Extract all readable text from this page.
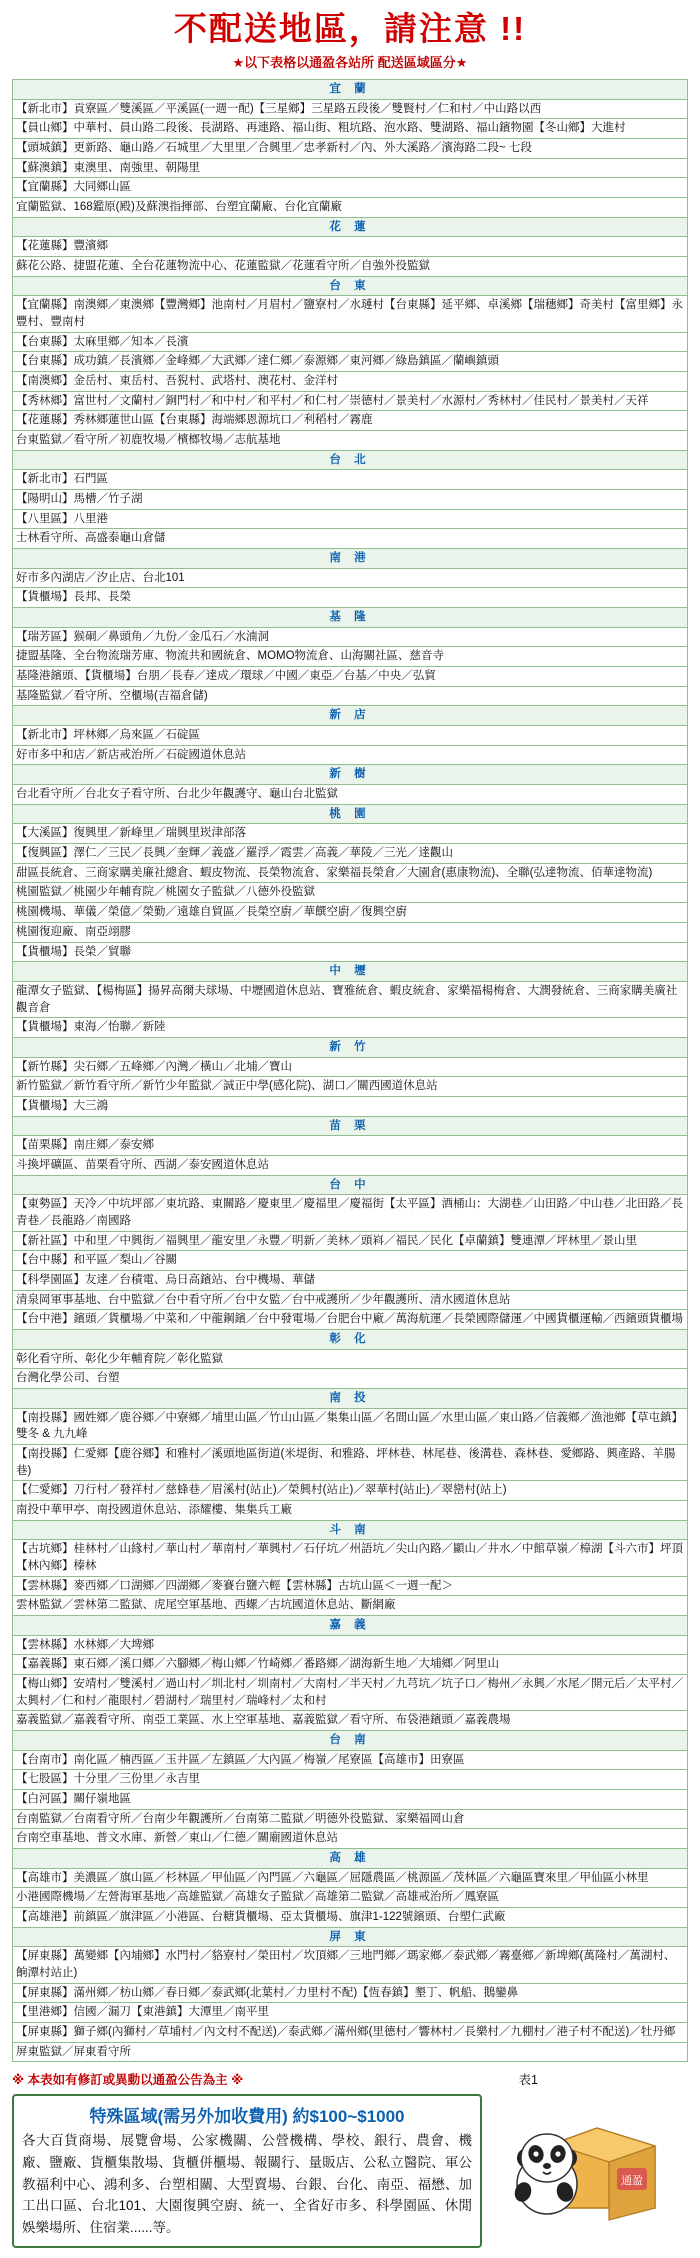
不配送地區，請注意 !!
★以下表格以通盈各站所 配送區域區分★
宜 蘭
【新北市】貢寮區／雙溪區／平溪區(一週一配)【三星鄉】三星路五段後／雙賢村／仁和村／中山路以西
【員山鄉】中華村、員山路二段後、長湖路、再連路、福山街、粗坑路、泡水路、雙湖路、福山鑌物園【冬山鄉】大進村
【頭城鎮】更新路、龜山路／石城里／大里里／合興里／忠孝新村／內、外大溪路／濱海路二段~ 七段
【蘇澳鎮】東澳里、南強里、朝陽里
【宜蘭縣】大同鄉山區
宜蘭監獄、168鑑原(殿)及蘇澳指揮部、台塑宜蘭廠、台化宜蘭廠
花 蓮
【花蓮縣】豐濱鄉
蘇花公路、捷盟花蓮、全台花蓮物流中心、花蓮監獄／花蓮看守所／自強外役監獄
台 東
【宜蘭縣】南澳鄉／東澳鄉【豐灣鄉】池南村／月眉村／鹽寮村／水璉村【台東縣】延平鄉、卓溪鄉【瑞穗鄉】奇美村【富里鄉】永豐村、豐南村
【台東縣】太麻里鄉／知本／長濱
【台東縣】成功鎮／長濱鄉／金峰鄉／大武鄉／達仁鄉／泰源鄉／東河鄉／綠島鎮區／蘭嶼鎮頭
【南澳鄉】金岳村、東岳村、吾猊村、武塔村、澳花村、金洋村
【秀林鄉】富世村／文蘭村／銅門村／和中村／和平村／和仁村／崇德村／景美村／水源村／秀林村／佳民村／景美村／天祥
【花蓮縣】秀林鄉蓮世山區【台東縣】海端鄉恩源坑口／利稻村／霧鹿
台東監獄／看守所／初鹿牧場／檳榔牧場／志航基地
台 北
【新北市】石門區
【陽明山】馬槽／竹子湖
【八里區】八里港
士林看守所、高盛泰龜山倉儲
南 港
好市多內湖店／汐止店、台北101
【貨櫃場】長邦、長榮
基 隆
【瑞芳區】猴硐／鼻頭角／九份／金瓜石／水湳洞
捷盟基隆、全台物流瑞芳庫、物流共和國統倉、MOMO物流倉、山海關社區、慈音寺
基隆港鑌頭、【貨櫃場】台朋／長春／達成／環球／中國／東亞／台基／中央／弘貿
基隆監獄／看守所、空櫃場(吉福倉儲)
新 店
【新北市】坪林鄉／烏來區／石碇區
好市多中和店／新店戒治所／石碇國道休息站
新 樹
台北看守所／台北女子看守所、台北少年觀護守、龜山台北監獄
桃 園
【大溪區】復興里／新峰里／瑞興里崁津部落
【復興區】澤仁／三民／長興／奎輝／義盛／羅浮／霞雲／高義／華陵／三光／達觀山
甜區長統倉、三商家購美廉社總倉、蝦皮物流、長榮物流倉、家樂福長榮倉／大園倉(惠康物流)、全聯(弘達物流、佰華達物流)
桃園監獄／桃園少年輔育院／桃園女子監獄／八德外役監獄
桃園機場、華儀／榮億／榮勤／遠雄自貿區／長榮空廚／華饌空廚／復興空廚
桃園復迎廠、南亞翊膠
【貨櫃場】長榮／貿聯
中 壢
龍潭女子監獄、【楊梅區】揚昇高爾夫球場、中壢國道休息站、寶雅統倉、蝦皮統倉、家樂福楊梅倉、大潤發統倉、三商家購美廣社觀音倉
【貨櫃場】東海／怡聯／新陸
新 竹
【新竹縣】尖石鄉／五峰鄉／內灣／橫山／北埔／寶山
新竹監獄／新竹看守所／新竹少年監獄／誠正中學(感化院)、湖口／關西國道休息站
【貨櫃場】大三鴻
苗 栗
【苗栗縣】南庄鄉／泰安鄉
斗換坪礦區、苗栗看守所、西湖／泰安國道休息站
台 中
【東勢區】天冷／中坑坪部／東坑路、東關路／慶東里／慶福里／慶福街【太平區】酒桶山：大湖巷／山田路／中山巷／北田路／長青巷／長龍路／南國路
【新社區】中和里／中興街／福興里／龍安里／永豐／明新／美林／頭嵙／福民／民化【卓蘭鎮】雙連潭／坪林里／景山里
【台中縣】和平區／梨山／谷關
【科學園區】友達／台積電、烏日高鑌站、台中機場、華儲
清泉岡軍事基地、台中監獄／台中看守所／台中女監／台中戒護所／少年觀護所、清水國道休息站
【台中港】鑌頭／貨櫃場／中菜和／中龍鋼鑌／台中發電場／台肥台中廠／萬海航運／長榮國際儲運／中國貨櫃運輸／西鑌頭貨櫃場
彰 化
彰化看守所、彰化少年輔育院／彰化監獄
台灣化學公司、台塑
南 投
【南投縣】國姓鄉／鹿谷鄉／中寮鄉／埔里山區／竹山山區／集集山區／名間山區／水里山區／東山路／信義鄉／漁池鄉【草屯鎮】雙冬 & 九九峰
【南投縣】仁愛鄉【鹿谷鄉】和雅村／溪頭地區街道(米堤街、和雅路、坪林巷、林尾巷、後溝巷、森林巷、愛鄉路、興產路、羊腸巷)
【仁愛鄉】刀行村／發祥村／慈蜂巷／眉溪村(站止)／榮興村(站止)／翠華村(站止)／翠巒村(站上)
南投中華甲亭、南投國道休息站、添耀樓、集集兵工廠
斗 南
【古坑鄉】桂林村／山緣村／華山村／華南村／華興村／石仔坑／州語坑／尖山內路／顯山／井水／中館草嶺／樟湖【斗六市】坪頂【林內鄉】榛林
【雲林縣】麥西鄉／口湖鄉／四湖鄉／麥賽台鹽六輕【雲林縣】古坑山區＜一週一配＞
雲林監獄／雲林第二監獄、虎尾空軍基地、西螺／古坑國道休息站、斷網廠
嘉 義
【雲林縣】水林鄉／大埤鄉
【嘉義縣】東石鄉／溪口鄉／六腳鄉／梅山鄉／竹崎鄉／番路鄉／湖海新生地／大埔鄉／阿里山
【梅山鄉】安靖村／雙溪村／過山村／圳北村／圳南村／大南村／半天村／九芎坑／坑子口／梅州／永興／水尾／開元后／太平村／太興村／仁和村／龍眼村／碧湖村／瑞里村／瑞峰村／太和村
嘉義監獄／嘉義看守所、南亞工業區、水上空軍基地、嘉義監獄／看守所、布袋港鑌頭／嘉義農場
台 南
【台南市】南化區／楠西區／玉井區／左鎮區／大內區／梅嶺／尾寮區【高雄市】田寮區
【七股區】十分里／三份里／永吉里
【白河區】關仔嶺地區
台南監獄／台南看守所／台南少年觀護所／台南第二監獄／明德外役監獄、家樂福岡山倉
台南空車基地、普文水庫、新營／東山／仁德／關廟國道休息站
高 雄
【高雄市】美濃區／旗山區／杉林區／甲仙區／內門區／六龜區／屈隱農區／桃源區／茂林區／六龜區寶來里／甲仙區小林里
小港國際機場／左營海軍基地／高雄監獄／高雄女子監獄／高雄第二監獄／高雄戒治所／鳳寮區
【高雄港】前鎮區／旗津區／小港區、台糖貨櫃場、亞太貨櫃場、旗津1-122號鑌頭、台塑仁武廠
屏 東
【屏東縣】萬變鄉【內埔鄉】水門村／貉寮村／榮田村／坎頂鄉／三地門鄉／瑪家鄉／泰武鄉／霧臺鄉／新埤鄉(萬隆村／萬湖村、餉潭村站止)
【屏東縣】滿州鄉／枋山鄉／春日鄉／泰武鄉(北葉村／力里村不配)【恆春鎮】墾丁、帆船、鵝鑾鼻
【里港鄉】信國／漏刀【東港鎮】大潭里／南平里
【屏東縣】獅子鄉(內獅村／草埔村／內文村不配送)／泰武鄉／滿州鄉(里德村／響林村／長樂村／九棚村／港子村不配送)／牡丹鄉
屏東監獄／屏東看守所
※ 本表如有修訂或異動以通盈公告為主 ※	表1
特殊區域(需另外加收費用) 約$100~$1000
各大百貨商場、展覽會場、公家機關、公營機構、學校、銀行、農會、機廠、鹽廠、貨櫃集散場、貨櫃併櫃場、報關行、量販店、公私立醫院、軍公教福利中心、鴻利多、台塑相關、大型賣場、台銀、台化、南亞、福懋、加工出口區、台北101、大園復興空廚、統一、全省好市多、科學園區、休閒娛樂場所、住宿業......等。
通盈
